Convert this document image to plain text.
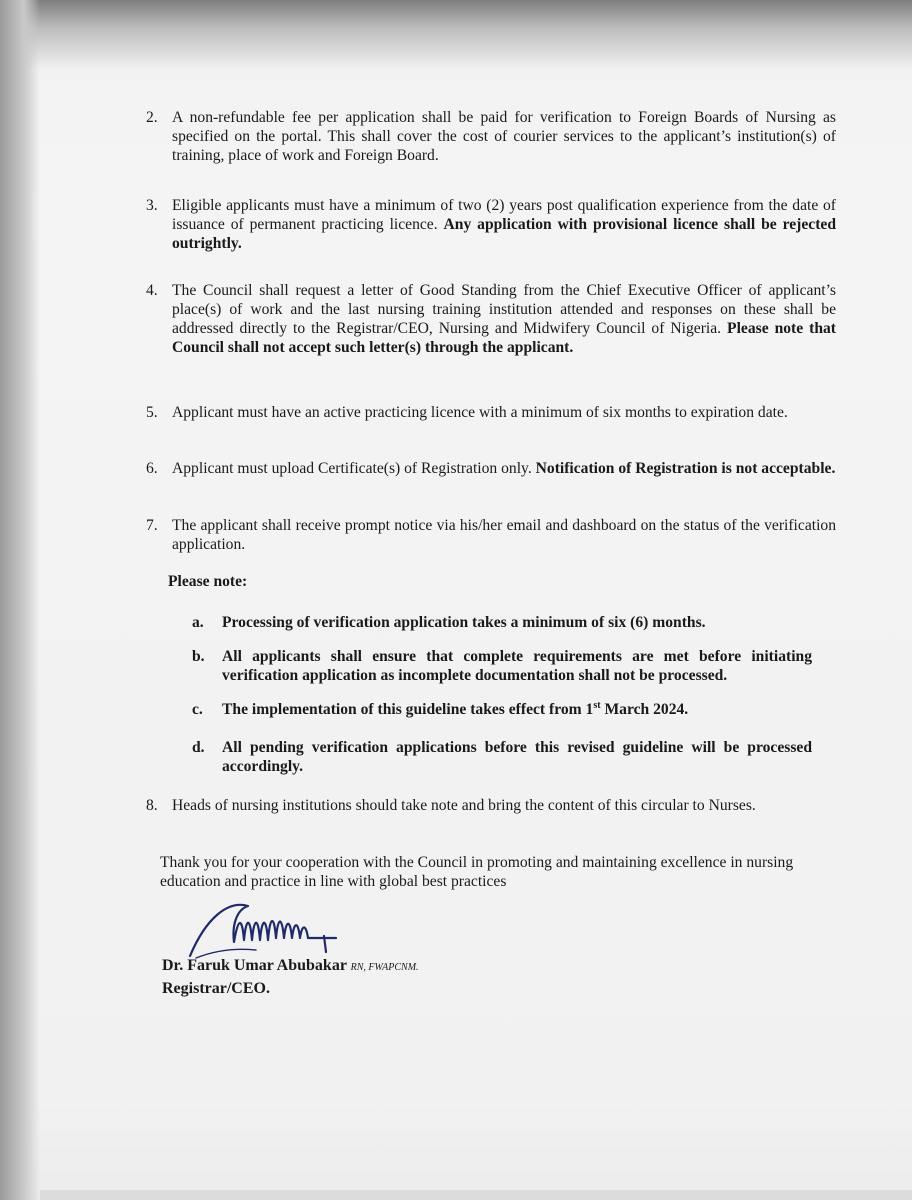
2. A non-refundable fee per application shall be paid for verification to Foreign Boards of Nursing as specified on the portal. This shall cover the cost of courier services to the applicant’s institution(s) of training, place of work and Foreign Board.
3. Eligible applicants must have a minimum of two (2) years post qualification experience from the date of issuance of permanent practicing licence. Any application with provisional licence shall be rejected outrightly.
4. The Council shall request a letter of Good Standing from the Chief Executive Officer of applicant’s place(s) of work and the last nursing training institution attended and responses on these shall be addressed directly to the Registrar/CEO, Nursing and Midwifery Council of Nigeria. Please note that Council shall not accept such letter(s) through the applicant.
5. Applicant must have an active practicing licence with a minimum of six months to expiration date.
6. Applicant must upload Certificate(s) of Registration only. Notification of Registration is not acceptable.
7. The applicant shall receive prompt notice via his/her email and dashboard on the status of the verification application.
Please note:
a. Processing of verification application takes a minimum of six (6) months.
b. All applicants shall ensure that complete requirements are met before initiating verification application as incomplete documentation shall not be processed.
c. The implementation of this guideline takes effect from 1st March 2024.
d. All pending verification applications before this revised guideline will be processed accordingly.
8. Heads of nursing institutions should take note and bring the content of this circular to Nurses.
Thank you for your cooperation with the Council in promoting and maintaining excellence in nursing education and practice in line with global best practices
Dr. Faruk Umar Abubakar RN, FWAPCNM.
Registrar/CEO.
